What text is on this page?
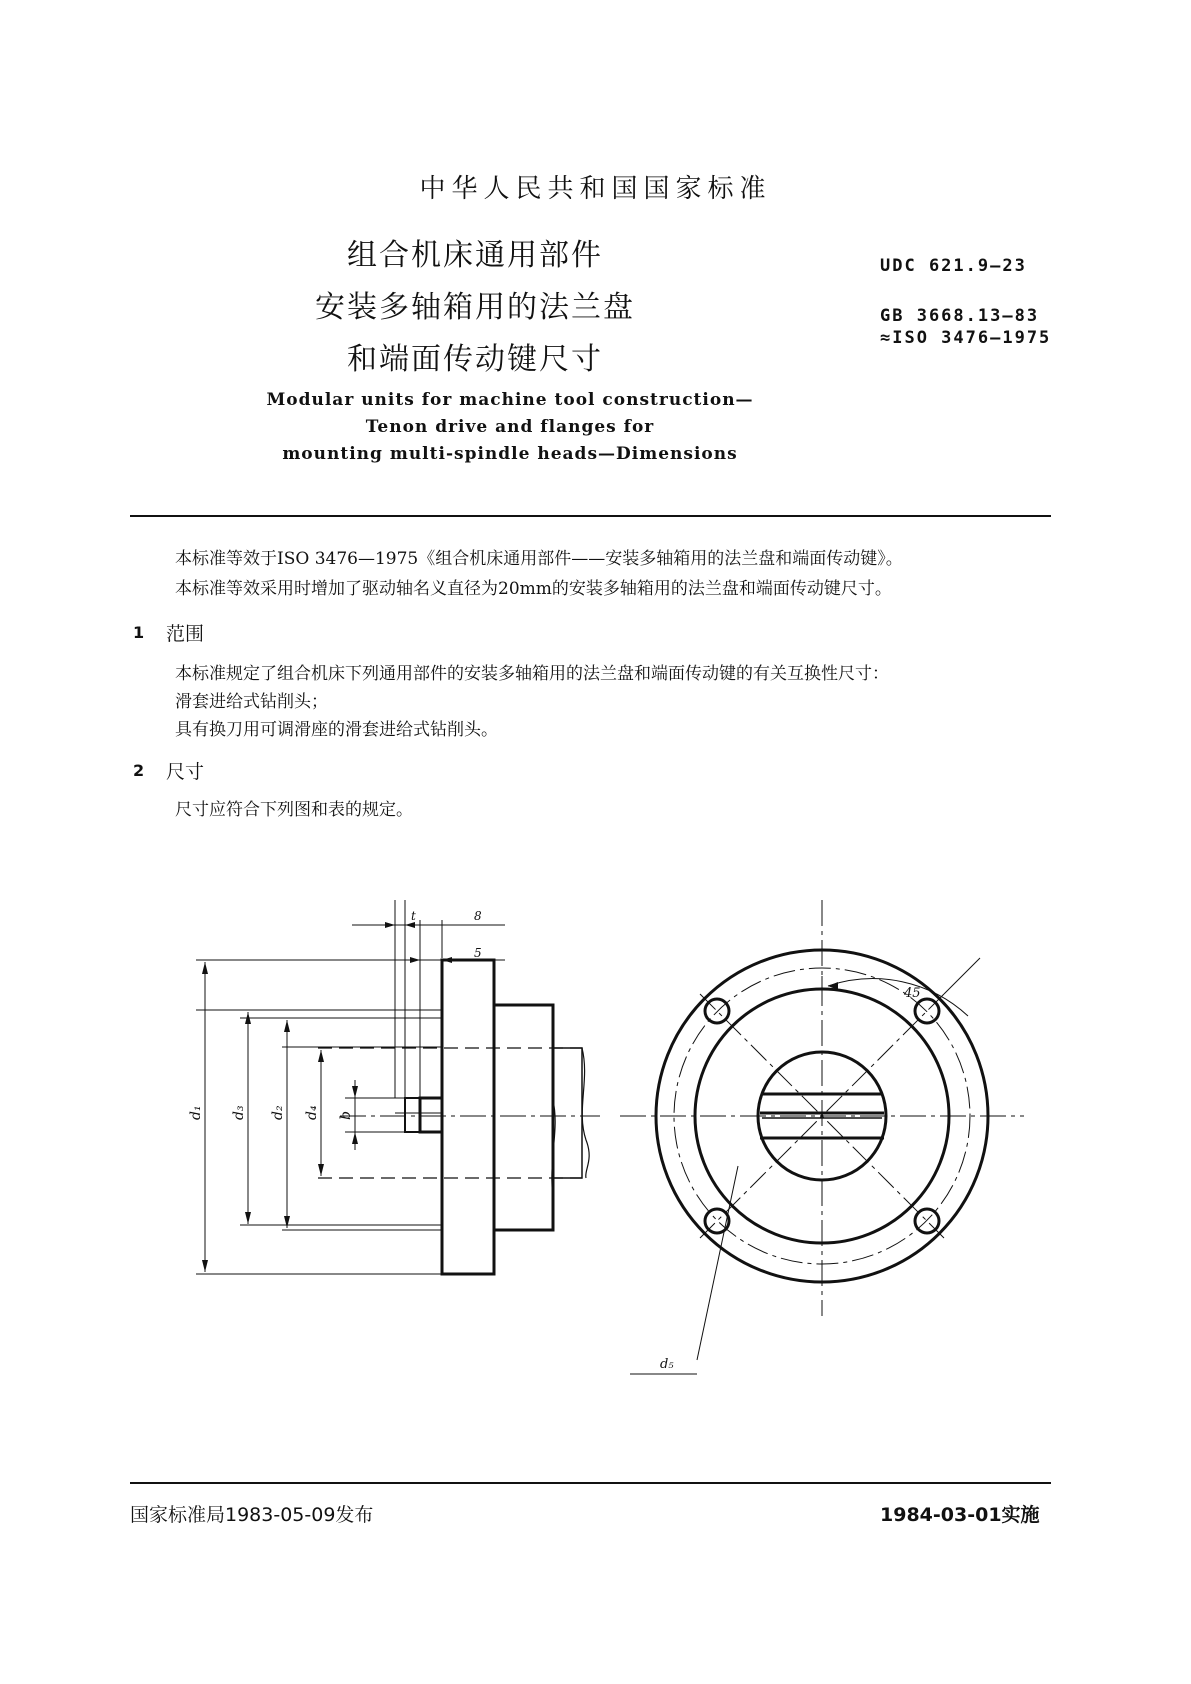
中华人民共和国国家标准
组合机床通用部件
安装多轴箱用的法兰盘
和端面传动键尺寸
UDC 621.9—23
GB 3668.13—83
≈ISO 3476—1975
Modular units for machine tool construction—
Tenon drive and flanges for
mounting multi-spindle heads—Dimensions
本标准等效于ISO 3476—1975《组合机床通用部件——安装多轴箱用的法兰盘和端面传动键》。
本标准等效采用时增加了驱动轴名义直径为20mm的安装多轴箱用的法兰盘和端面传动键尺寸。
1 范围
本标准规定了组合机床下列通用部件的安装多轴箱用的法兰盘和端面传动键的有关互换性尺寸：
滑套进给式钻削头；
具有换刀用可调滑座的滑套进给式钻削头。
2 尺寸
尺寸应符合下列图和表的规定。
t	8
5
45
d₅
d₁ d₃ d₂ d₄ b
国家标准局1983-05-09发布	1984-03-01实施
